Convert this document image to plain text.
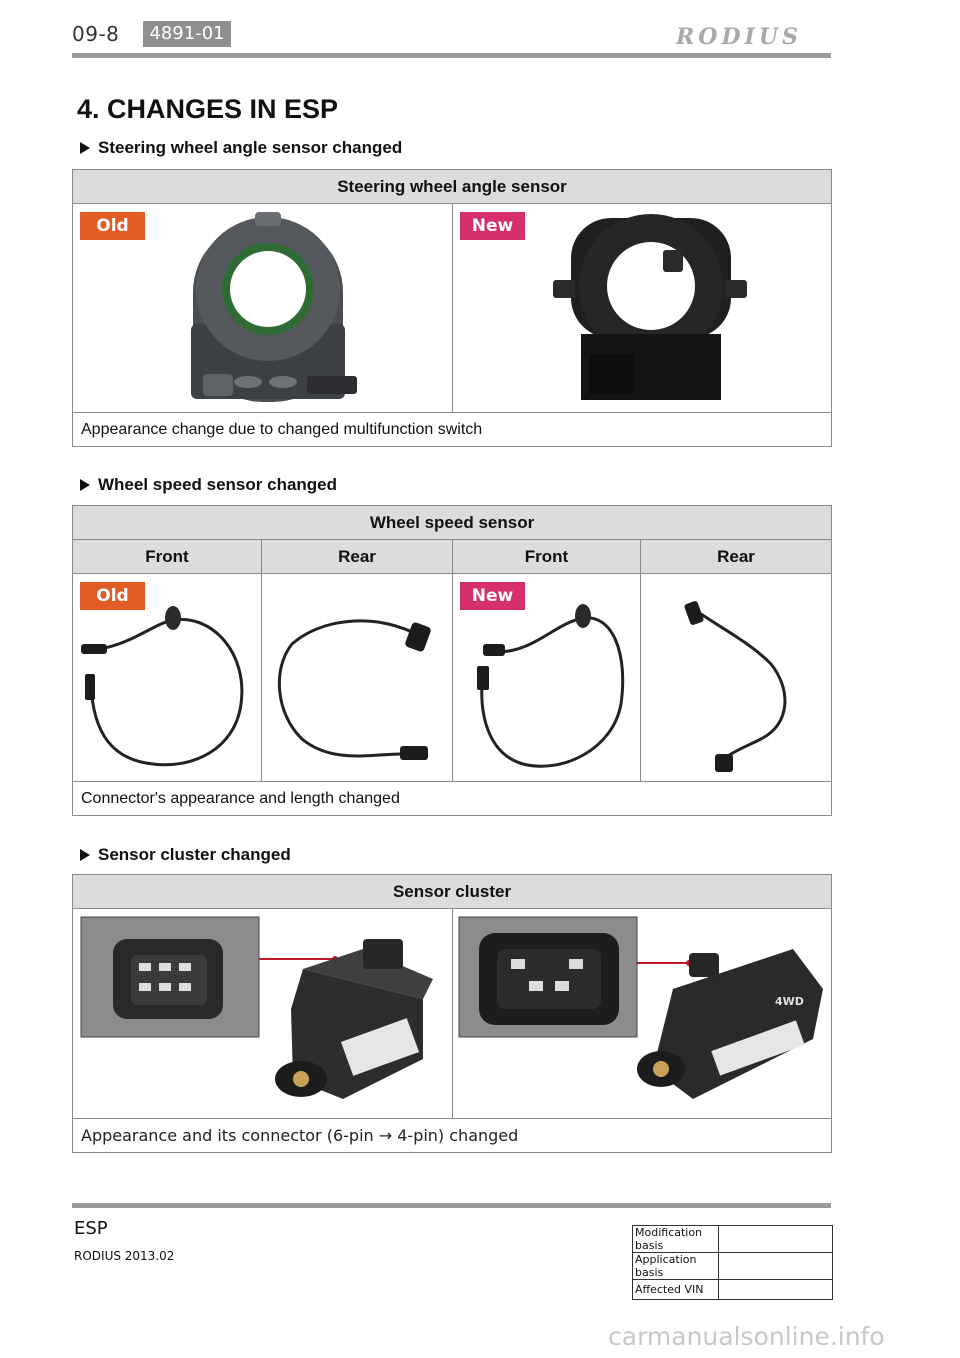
09-8	4891-01	RODIUS
4. CHANGES IN ESP
Steering wheel angle sensor changed
Steering wheel angle sensor

Old	New

Appearance change due to changed multifunction switch
Wheel speed sensor changed
Wheel speed sensor			
Front	Rear	Front	Rear

Old		New

Connector's appearance and length changed			
Sensor cluster changed
Sensor cluster

4WD

Appearance and its connector (6-pin → 4-pin) changed
ESP
RODIUS 2013.02
Modification basis	
Application basis	
Affected VIN	
carmanualsonline.info
